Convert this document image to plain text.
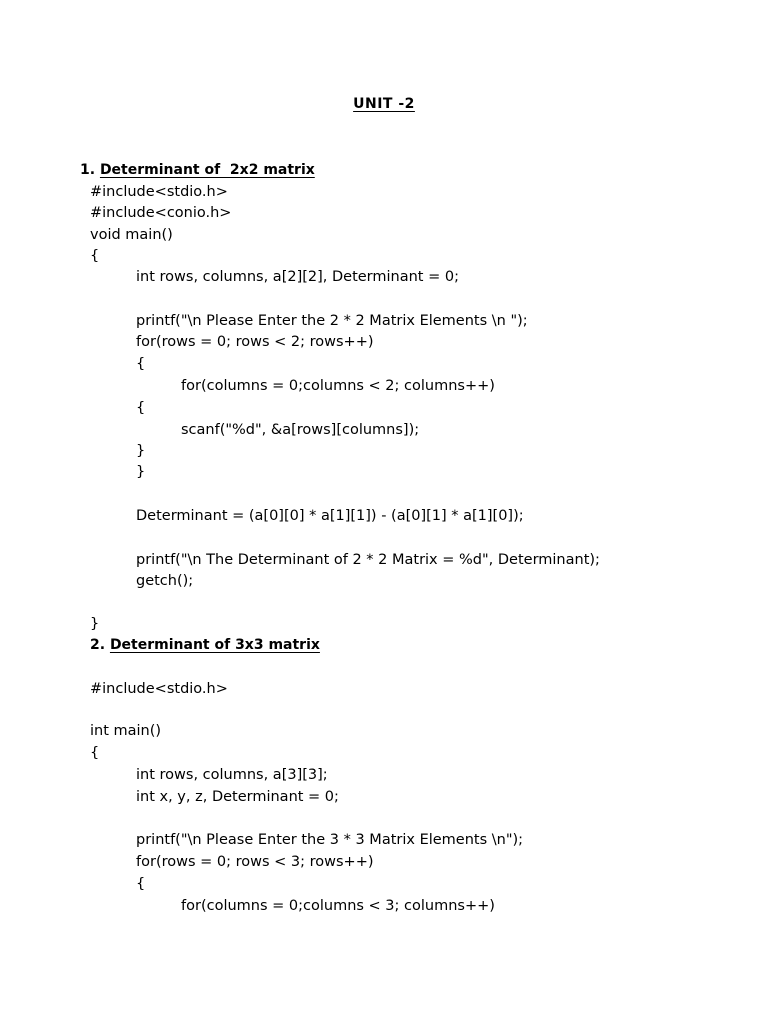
UNIT -2
1. Determinant of  2x2 matrix
#include<stdio.h>
#include<conio.h>
void main()
{
int rows, columns, a[2][2], Determinant = 0;
printf("\n Please Enter the 2 * 2 Matrix Elements \n ");
for(rows = 0; rows < 2; rows++)
{
for(columns = 0;columns < 2; columns++)
{
scanf("%d", &a[rows][columns]);
}
}
Determinant = (a[0][0] * a[1][1]) - (a[0][1] * a[1][0]);
printf("\n The Determinant of 2 * 2 Matrix = %d", Determinant);
getch();
}
2. Determinant of 3x3 matrix
#include<stdio.h>
int main()
{
int rows, columns, a[3][3];
int x, y, z, Determinant = 0;
printf("\n Please Enter the 3 * 3 Matrix Elements \n");
for(rows = 0; rows < 3; rows++)
{
for(columns = 0;columns < 3; columns++)
